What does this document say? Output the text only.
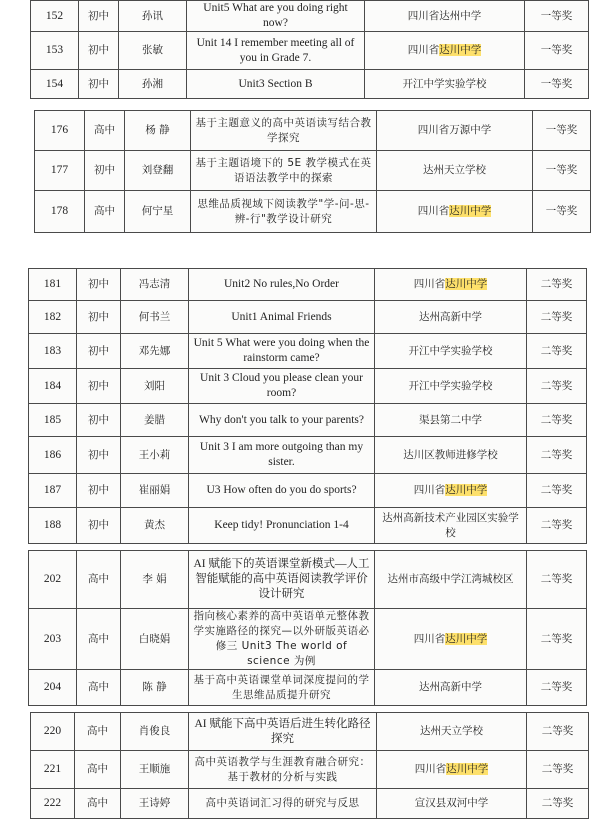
152	初中	孙讯	Unit5 What are you doing right now?	四川省达州中学	一等奖
153	初中	张敏	Unit 14 I remember meeting all of you in Grade 7.	四川省达川中学	一等奖
154	初中	孙湘	Unit3 Section B	开江中学实验学校	一等奖
176	高中	杨 静	基于主题意义的高中英语读写结合教学探究	四川省万源中学	一等奖
177	初中	刘登翻	基于主题语境下的 5E 教学模式在英语语法教学中的探索	达州天立学校	一等奖
178	高中	何宁星	思维品质视域下阅读教学"学-问-思-辨-行"教学设计研究	四川省达川中学	一等奖
181	初中	冯志清	Unit2 No rules,No Order	四川省达川中学	二等奖
182	初中	何书兰	Unit1 Animal Friends	达州高新中学	二等奖
183	初中	邓先娜	Unit 5 What were you doing when the rainstorm came?	开江中学实验学校	二等奖
184	初中	刘阳	Unit 3 Cloud you please clean your room?	开江中学实验学校	二等奖
185	初中	姜腊	Why don't you talk to your parents?	渠县第二中学	二等奖
186	初中	王小莉	Unit 3 I am more outgoing than my sister.	达川区教师进修学校	二等奖
187	初中	崔丽娟	U3 How often do you do sports?	四川省达川中学	二等奖
188	初中	黄杰	Keep tidy! Pronunciation 1-4	达州高新技术产业园区实验学校	二等奖
202	高中	李 娟	AI 赋能下的英语课堂新模式—人工智能赋能的高中英语阅读教学评价设计研究	达州市高级中学江湾城校区	二等奖
203	高中	白晓娟	指向核心素养的高中英语单元整体教学实施路径的探究—以外研版英语必修三 Unit3 The world of science 为例	四川省达川中学	二等奖
204	高中	陈 静	基于高中英语课堂单词深度提问的学生思维品质提升研究	达州高新中学	二等奖
220	高中	肖俊良	AI 赋能下高中英语后进生转化路径探究	达州天立学校	二等奖
221	高中	王顺施	高中英语教学与生涯教育融合研究：基于教材的分析与实践	四川省达川中学	二等奖
222	高中	王诗婷	高中英语词汇习得的研究与反思	宣汉县双河中学	二等奖
